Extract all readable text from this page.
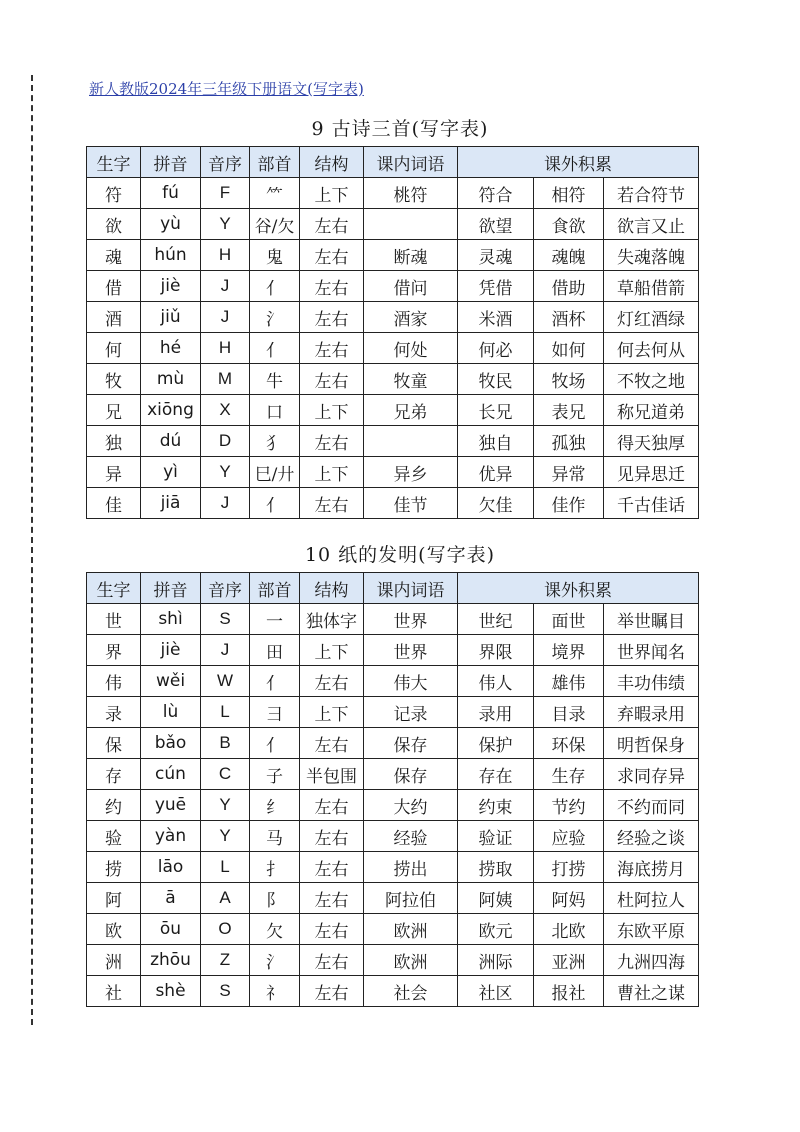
新人教版2024年三年级下册语文(写字表)
9 古诗三首(写字表)
生字	拼音	音序	部首	结构	课内词语	课外积累		
符	fú	F	⺮	上下	桃符	符合	相符	若合符节
欲	yù	Y	谷/欠	左右		欲望	食欲	欲言又止
魂	hún	H	鬼	左右	断魂	灵魂	魂魄	失魂落魄
借	jiè	J	亻	左右	借问	凭借	借助	草船借箭
酒	jiǔ	J	氵	左右	酒家	米酒	酒杯	灯红酒绿
何	hé	H	亻	左右	何处	何必	如何	何去何从
牧	mù	M	牛	左右	牧童	牧民	牧场	不牧之地
兄	xiōng	X	口	上下	兄弟	长兄	表兄	称兄道弟
独	dú	D	犭	左右		独自	孤独	得天独厚
异	yì	Y	巳/廾	上下	异乡	优异	异常	见异思迁
佳	jiā	J	亻	左右	佳节	欠佳	佳作	千古佳话
10 纸的发明(写字表)
生字	拼音	音序	部首	结构	课内词语	课外积累		
世	shì	S	一	独体字	世界	世纪	面世	举世瞩目
界	jiè	J	田	上下	世界	界限	境界	世界闻名
伟	wěi	W	亻	左右	伟大	伟人	雄伟	丰功伟绩
录	lù	L	彐	上下	记录	录用	目录	弃暇录用
保	bǎo	B	亻	左右	保存	保护	环保	明哲保身
存	cún	C	子	半包围	保存	存在	生存	求同存异
约	yuē	Y	纟	左右	大约	约束	节约	不约而同
验	yàn	Y	马	左右	经验	验证	应验	经验之谈
捞	lāo	L	扌	左右	捞出	捞取	打捞	海底捞月
阿	ā	A	阝	左右	阿拉伯	阿姨	阿妈	杜阿拉人
欧	ōu	O	欠	左右	欧洲	欧元	北欧	东欧平原
洲	zhōu	Z	氵	左右	欧洲	洲际	亚洲	九洲四海
社	shè	S	礻	左右	社会	社区	报社	曹社之谋
